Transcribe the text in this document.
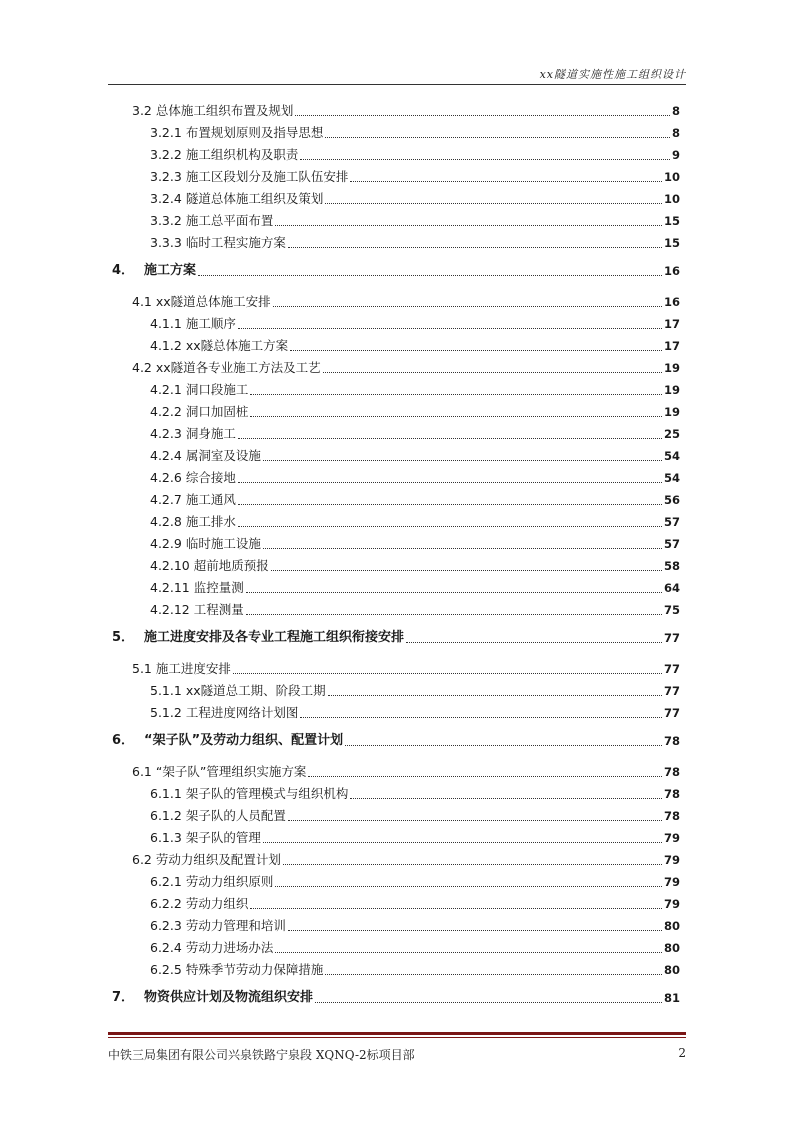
xx隧道实施性施工组织设计
3.2 总体施工组织布置及规划	8
3.2.1 布置规划原则及指导思想	8
3.2.2 施工组织机构及职责	9
3.2.3 施工区段划分及施工队伍安排	10
3.2.4 隧道总体施工组织及策划	10
3.3.2 施工总平面布置	15
3.3.3 临时工程实施方案	15
4． 施工方案	16
4.1 xx隧道总体施工安排	16
4.1.1 施工顺序	17
4.1.2 xx隧总体施工方案	17
4.2 xx隧道各专业施工方法及工艺	19
4.2.1 洞口段施工	19
4.2.2 洞口加固桩	19
4.2.3 洞身施工	25
4.2.4 属洞室及设施	54
4.2.6 综合接地	54
4.2.7 施工通风	56
4.2.8 施工排水	57
4.2.9 临时施工设施	57
4.2.10 超前地质预报	58
4.2.11 监控量测	64
4.2.12 工程测量	75
5． 施工进度安排及各专业工程施工组织衔接安排	77
5.1 施工进度安排	77
5.1.1 xx隧道总工期、阶段工期	77
5.1.2 工程进度网络计划图	77
6． “架子队”及劳动力组织、配置计划	78
6.1 “架子队”管理组织实施方案	78
6.1.1 架子队的管理模式与组织机构	78
6.1.2 架子队的人员配置	78
6.1.3 架子队的管理	79
6.2 劳动力组织及配置计划	79
6.2.1 劳动力组织原则	79
6.2.2 劳动力组织	79
6.2.3 劳动力管理和培训	80
6.2.4 劳动力进场办法	80
6.2.5 特殊季节劳动力保障措施	80
7． 物资供应计划及物流组织安排	81
中铁三局集团有限公司兴泉铁路宁泉段 XQNQ-2标项目部	2
